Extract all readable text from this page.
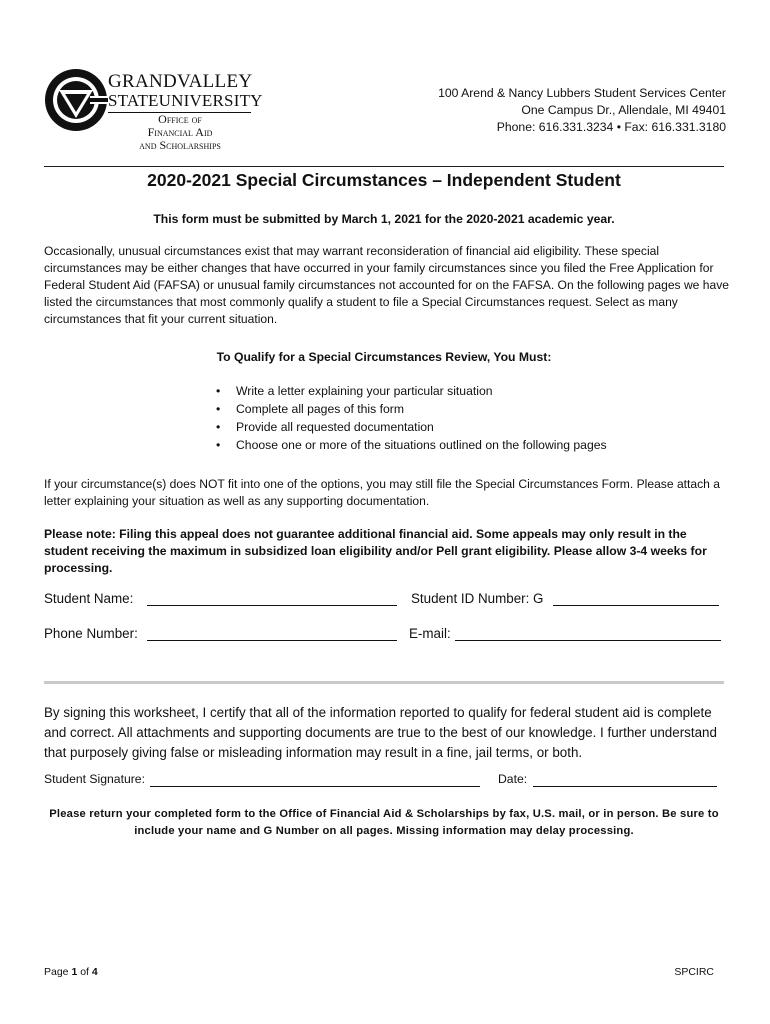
GRANDVALLEY
STATEUNIVERSITY
Office of
Financial Aid
and Scholarships
100 Arend & Nancy Lubbers Student Services Center
One Campus Dr., Allendale, MI 49401
Phone: 616.331.3234 • Fax: 616.331.3180
2020-2021 Special Circumstances – Independent Student
This form must be submitted by March 1, 2021 for the 2020-2021 academic year.
Occasionally, unusual circumstances exist that may warrant reconsideration of financial aid eligibility. These special circumstances may be either changes that have occurred in your family circumstances since you filed the Free Application for Federal Student Aid (FAFSA) or unusual family circumstances not accounted for on the FAFSA. On the following pages we have listed the circumstances that most commonly qualify a student to file a Special Circumstances request. Select as many circumstances that fit your current situation.
To Qualify for a Special Circumstances Review, You Must:
• Write a letter explaining your particular situation
• Complete all pages of this form
• Provide all requested documentation
• Choose one or more of the situations outlined on the following pages
If your circumstance(s) does NOT fit into one of the options, you may still file the Special Circumstances Form. Please attach a letter explaining your situation as well as any supporting documentation.
Please note: Filing this appeal does not guarantee additional financial aid. Some appeals may only result in the student receiving the maximum in subsidized loan eligibility and/or Pell grant eligibility. Please allow 3-4 weeks for processing.
Student Name:	Student ID Number: G
Phone Number:	E-mail:
By signing this worksheet, I certify that all of the information reported to qualify for federal student aid is complete and correct. All attachments and supporting documents are true to the best of our knowledge. I further understand that purposely giving false or misleading information may result in a fine, jail terms, or both.
Student Signature:	Date:
Please return your completed form to the Office of Financial Aid & Scholarships by fax, U.S. mail, or in person. Be sure to include your name and G Number on all pages. Missing information may delay processing.
Page 1 of 4	SPCIRC
